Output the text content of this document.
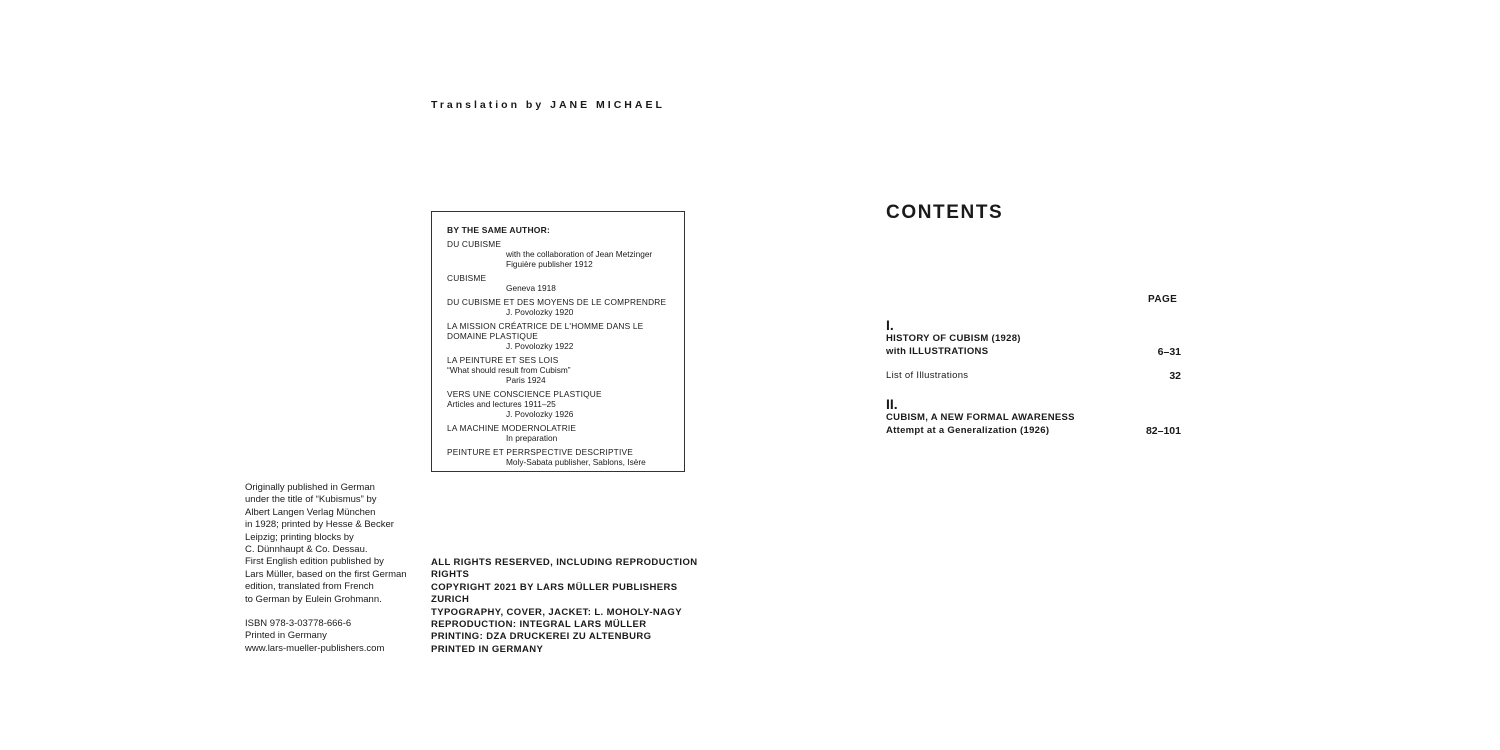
Translation by JANE MICHAEL
BY THE SAME AUTHOR:
DU CUBISME
with the collaboration of Jean Metzinger
Figuière publisher 1912
CUBISME
Geneva 1918
DU CUBISME ET DES MOYENS DE LE COMPRENDRE
J. Povolozky 1920
LA MISSION CRÉATRICE DE L'HOMME DANS LE DOMAINE PLASTIQUE
J. Povolozky 1922
LA PEINTURE ET SES LOIS
“What should result from Cubism”
Paris 1924
VERS UNE CONSCIENCE PLASTIQUE
Articles and lectures 1911–25
J. Povolozky 1926
LA MACHINE MODERNOLATRIE
In preparation
PEINTURE ET PERRSPECTIVE DESCRIPTIVE
Moly-Sabata publisher, Sablons, Isère
Originally published in German
under the title of “Kubismus” by
Albert Langen Verlag München
in 1928; printed by Hesse & Becker
Leipzig; printing blocks by
C. Dünnhaupt & Co. Dessau.
First English edition published by
Lars Müller, based on the first German
edition, translated from French
to German by Eulein Grohmann.
ISBN 978-3-03778-666-6
Printed in Germany
www.lars-mueller-publishers.com
ALL RIGHTS RESERVED, INCLUDING REPRODUCTION
RIGHTS
COPYRIGHT 2021 BY LARS MÜLLER PUBLISHERS
ZURICH
TYPOGRAPHY, COVER, JACKET: L. MOHOLY-NAGY
REPRODUCTION: INTEGRAL LARS MÜLLER
PRINTING: DZA DRUCKEREI ZU ALTENBURG
PRINTED IN GERMANY
CONTENTS
PAGE
I.
HISTORY OF CUBISM (1928)
with ILLUSTRATIONS	6–31
List of Illustrations	32
II.
CUBISM, A NEW FORMAL AWARENESS
Attempt at a Generalization (1926)	82–101
